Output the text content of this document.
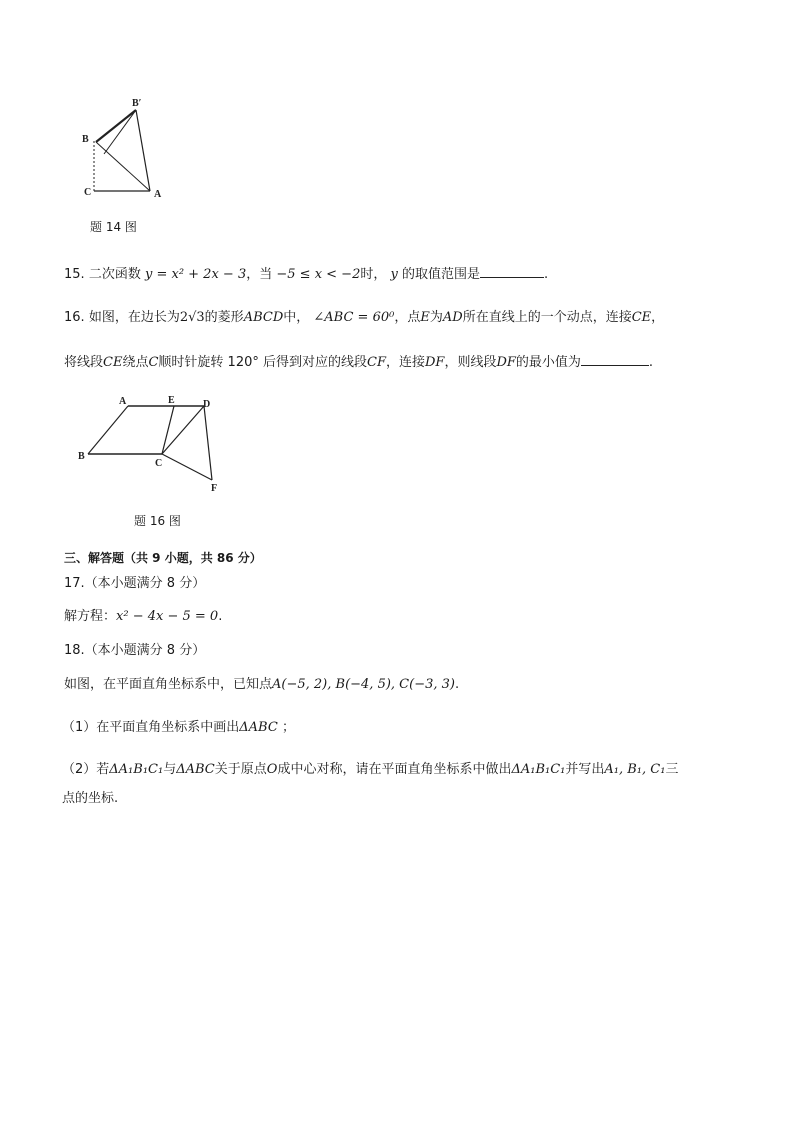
B′
B
C	A
题 14 图
15. 二次函数 y = x² + 2x − 3，当 −5 ≤ x < −2时， y 的取值范围是	.
16. 如图，在边长为2√3的菱形ABCD中， ∠ABC = 60⁰，点E为AD所在直线上的一个动点，连接CE，
将线段CE绕点C顺时针旋转 120° 后得到对应的线段CF，连接DF，则线段DF的最小值为	.
A	E	D
B
C
F
题 16 图
三、解答题（共 9 小题，共 86 分）
17.（本小题满分 8 分）
解方程：x² − 4x − 5 = 0.
18.（本小题满分 8 分）
如图，在平面直角坐标系中，已知点A(−5, 2), B(−4, 5), C(−3, 3).
（1）在平面直角坐标系中画出ΔABC ；
（2）若ΔA₁B₁C₁与ΔABC关于原点O成中心对称，请在平面直角坐标系中做出ΔA₁B₁C₁并写出A₁, B₁, C₁三
点的坐标.
